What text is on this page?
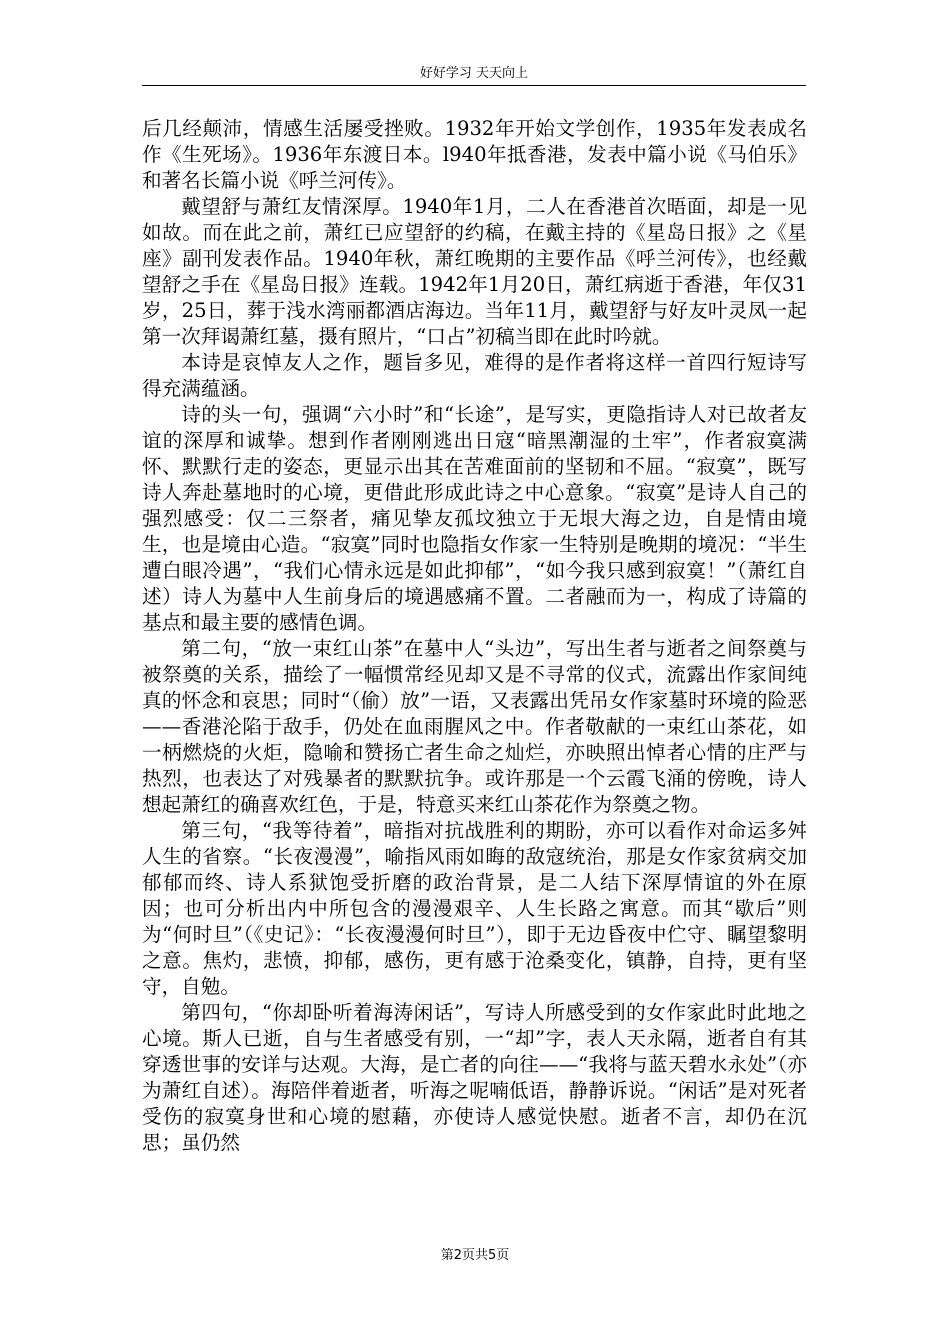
好好学习 天天向上

后几经颠沛，情感生活屡受挫败。1932年开始文学创作，1935年发表成名作《生死场》。1936年东渡日本。l940年抵香港，发表中篇小说《马伯乐》和著名长篇小说《呼兰河传》。

戴望舒与萧红友情深厚。1940年1月，二人在香港首次晤面，却是一见如故。而在此之前，萧红已应望舒的约稿，在戴主持的《星岛日报》之《星座》副刊发表作品。1940年秋，萧红晚期的主要作品《呼兰河传》，也经戴望舒之手在《星岛日报》连载。1942年1月20日，萧红病逝于香港，年仅31岁，25日，葬于浅水湾丽都酒店海边。当年11月，戴望舒与好友叶灵凤一起第一次拜谒萧红墓，摄有照片，“口占”初稿当即在此时吟就。

本诗是哀悼友人之作，题旨多见，难得的是作者将这样一首四行短诗写得充满蕴涵。

诗的头一句，强调“六小时”和“长途”，是写实，更隐指诗人对已故者友谊的深厚和诚挚。想到作者刚刚逃出日寇“暗黑潮湿的土牢”，作者寂寞满怀、默默行走的姿态，更显示出其在苦难面前的坚韧和不屈。“寂寞”，既写诗人奔赴墓地时的心境，更借此形成此诗之中心意象。“寂寞”是诗人自己的强烈感受：仅二三祭者，痛见挚友孤坟独立于无垠大海之边，自是情由境生，也是境由心造。“寂寞”同时也隐指女作家一生特别是晚期的境况：“半生遭白眼冷遇”，“我们心情永远是如此抑郁”，“如今我只感到寂寞！”（萧红自述）诗人为墓中人生前身后的境遇感痛不置。二者融而为一，构成了诗篇的基点和最主要的感情色调。

第二句，“放一束红山茶”在墓中人“头边”，写出生者与逝者之间祭奠与被祭奠的关系，描绘了一幅惯常经见却又是不寻常的仪式，流露出作家间纯真的怀念和哀思；同时“（偷）放”一语，又表露出凭吊女作家墓时环境的险恶——香港沦陷于敌手，仍处在血雨腥风之中。作者敬献的一束红山茶花，如一柄燃烧的火炬，隐喻和赞扬亡者生命之灿烂，亦映照出悼者心情的庄严与热烈，也表达了对残暴者的默默抗争。或许那是一个云霞飞涌的傍晚，诗人想起萧红的确喜欢红色，于是，特意买来红山茶花作为祭奠之物。

第三句，“我等待着”，暗指对抗战胜利的期盼，亦可以看作对命运多舛人生的省察。“长夜漫漫”，喻指风雨如晦的敌寇统治，那是女作家贫病交加郁郁而终、诗人系狱饱受折磨的政治背景，是二人结下深厚情谊的外在原因；也可分析出内中所包含的漫漫艰辛、人生长路之寓意。而其“歇后”则为“何时旦”（《史记》：“长夜漫漫何时旦”），即于无边昏夜中伫守、瞩望黎明之意。焦灼，悲愤，抑郁，感伤，更有感于沧桑变化，镇静，自持，更有坚守，自勉。

第四句，“你却卧听着海涛闲话”，写诗人所感受到的女作家此时此地之心境。斯人已逝，自与生者感受有别，一“却”字，表人天永隔，逝者自有其穿透世事的安详与达观。大海，是亡者的向往——“我将与蓝天碧水永处”（亦为萧红自述）。海陪伴着逝者，听海之呢喃低语，静静诉说。“闲话”是对死者受伤的寂寞身世和心境的慰藉，亦使诗人感觉快慰。逝者不言，却仍在沉思；虽仍然

第2页共5页
